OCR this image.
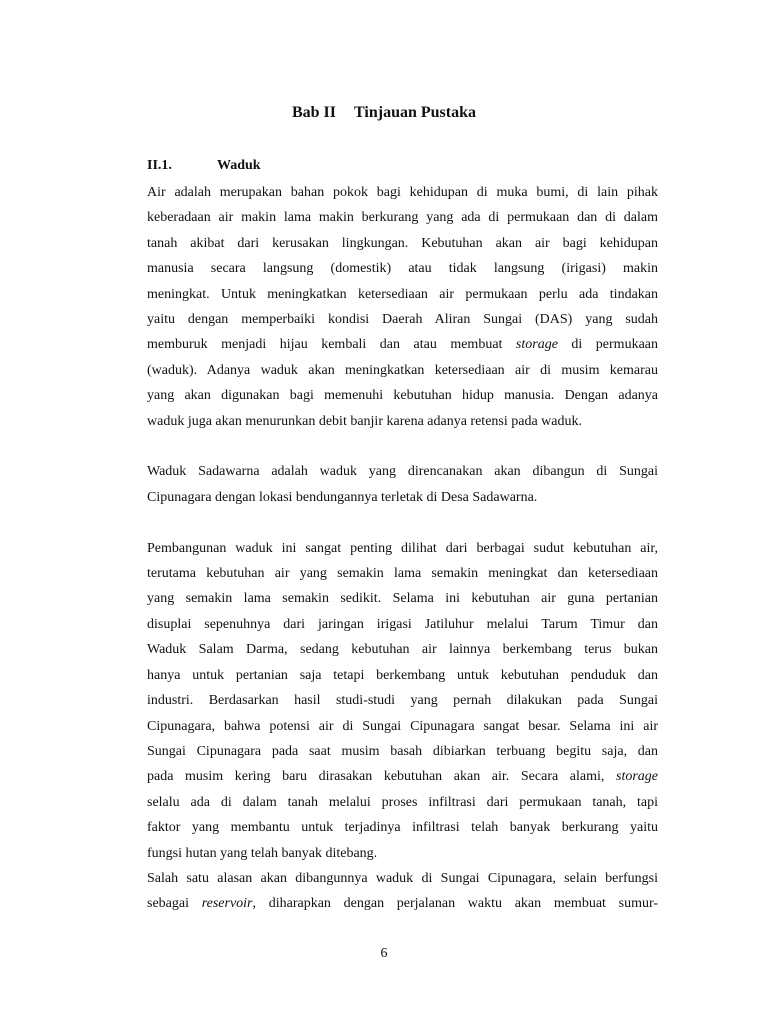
Bab II Tinjauan Pustaka
II.1.	Waduk

Air adalah merupakan bahan pokok bagi kehidupan di muka bumi, di lain pihak
keberadaan air makin lama makin berkurang yang ada di permukaan dan di dalam
tanah akibat dari kerusakan lingkungan. Kebutuhan akan air bagi kehidupan
manusia secara langsung (domestik) atau tidak langsung (irigasi) makin
meningkat. Untuk meningkatkan ketersediaan air permukaan perlu ada tindakan
yaitu dengan memperbaiki kondisi Daerah Aliran Sungai (DAS) yang sudah
memburuk menjadi hijau kembali dan atau membuat storage di permukaan
(waduk). Adanya waduk akan meningkatkan ketersediaan air di musim kemarau
yang akan digunakan bagi memenuhi kebutuhan hidup manusia. Dengan adanya
waduk juga akan menurunkan debit banjir karena adanya retensi pada waduk.

Waduk Sadawarna adalah waduk yang direncanakan akan dibangun di Sungai
Cipunagara dengan lokasi bendungannya terletak di Desa Sadawarna.

Pembangunan waduk ini sangat penting dilihat dari berbagai sudut kebutuhan air,
terutama kebutuhan air yang semakin lama semakin meningkat dan ketersediaan
yang semakin lama semakin sedikit. Selama ini kebutuhan air guna pertanian
disuplai sepenuhnya dari jaringan irigasi Jatiluhur melalui Tarum Timur dan
Waduk Salam Darma, sedang kebutuhan air lainnya berkembang terus bukan
hanya untuk pertanian saja tetapi berkembang untuk kebutuhan penduduk dan
industri. Berdasarkan hasil studi-studi yang pernah dilakukan pada Sungai
Cipunagara, bahwa potensi air di Sungai Cipunagara sangat besar. Selama ini air
Sungai Cipunagara pada saat musim basah dibiarkan terbuang begitu saja, dan
pada musim kering baru dirasakan kebutuhan akan air. Secara alami, storage
selalu ada di dalam tanah melalui proses infiltrasi dari permukaan tanah, tapi
faktor yang membantu untuk terjadinya infiltrasi telah banyak berkurang yaitu
fungsi hutan yang telah banyak ditebang.

Salah satu alasan akan dibangunnya waduk di Sungai Cipunagara, selain berfungsi
sebagai reservoir, diharapkan dengan perjalanan waktu akan membuat sumur-

6
